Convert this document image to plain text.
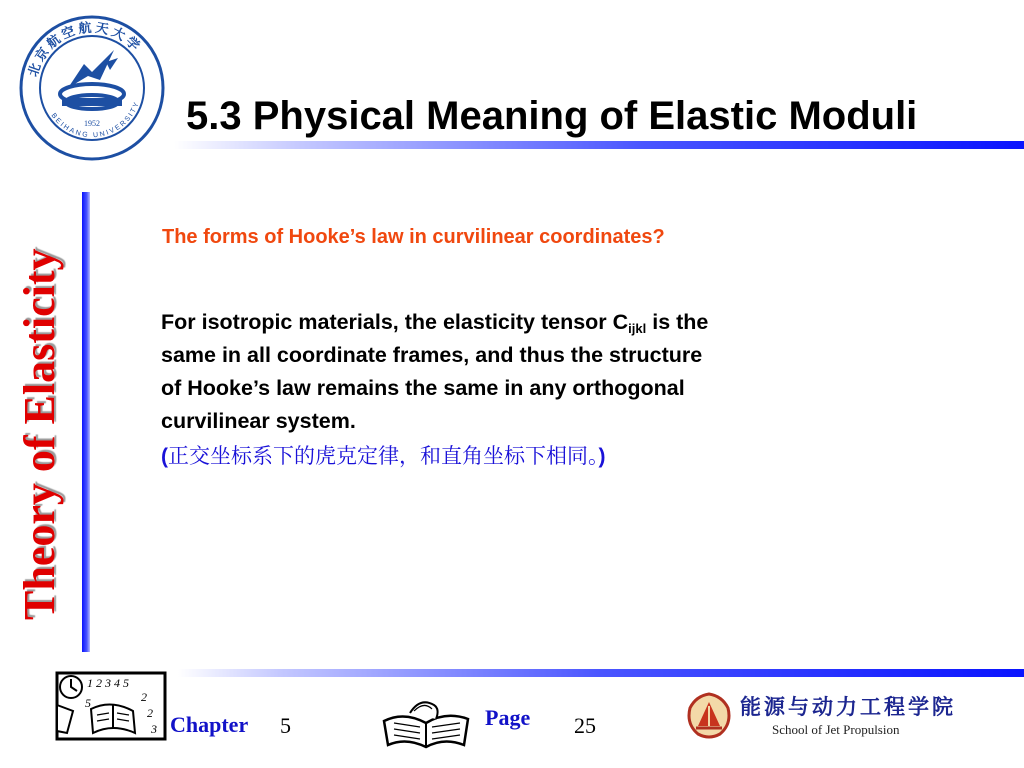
北京航空航天大学
BEIHANG UNIVERSITY
1952 5.3 Physical Meaning of Elastic Moduli
Theory of Elasticity
The forms of Hooke’s law in curvilinear coordinates?
For isotropic materials, the elasticity tensor $C_{ijkl}$ is the
same in all coordinate frames, and thus the structure
of Hooke’s law remains the same in any orthogonal
curvilinear system.
(正交坐标系下的虎克定律，和直角坐标下相同。)
1 2 3 4 5
5	2
2
3 Chapter 5	Page 25
能源与动力工程学院
School of Jet Propulsion
